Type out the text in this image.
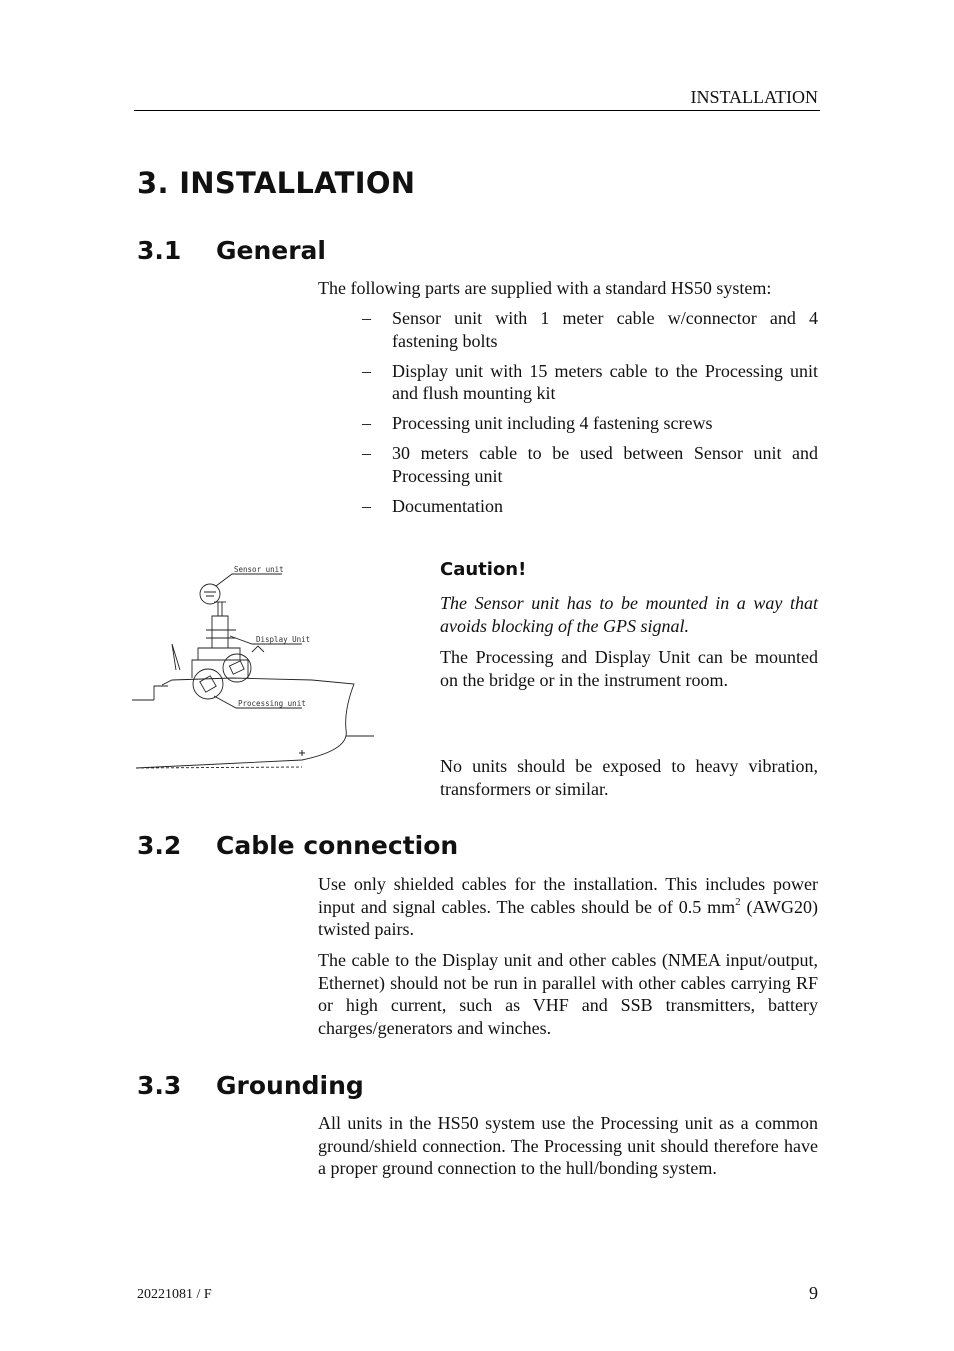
INSTALLATION
3. INSTALLATION
3.1 General

The following parts are supplied with a standard HS50 system:

– Sensor unit with 1 meter cable w/connector and 4 fastening bolts
– Display unit with 15 meters cable to the Processing unit and flush mounting kit
– Processing unit including 4 fastening screws
– 30 meters cable to be used between Sensor unit and Processing unit
– Documentation
Sensor unit
Display Unit
Processing unit
Caution!

The Sensor unit has to be mounted in a way that avoids blocking of the GPS signal.

The Processing and Display Unit can be mounted on the bridge or in the instrument room.

No units should be exposed to heavy vibration, transformers or similar.

3.2 Cable connection

Use only shielded cables for the installation. This includes power input and signal cables. The cables should be of 0.5 $mm^2$ (AWG20) twisted pairs.

The cable to the Display unit and other cables (NMEA input/output, Ethernet) should not be run in parallel with other cables carrying RF or high current, such as VHF and SSB transmitters, battery charges/generators and winches.

3.3 Grounding

All units in the HS50 system use the Processing unit as a common ground/shield connection. The Processing unit should therefore have a proper ground connection to the hull/bonding system.

20221081 / F	9
